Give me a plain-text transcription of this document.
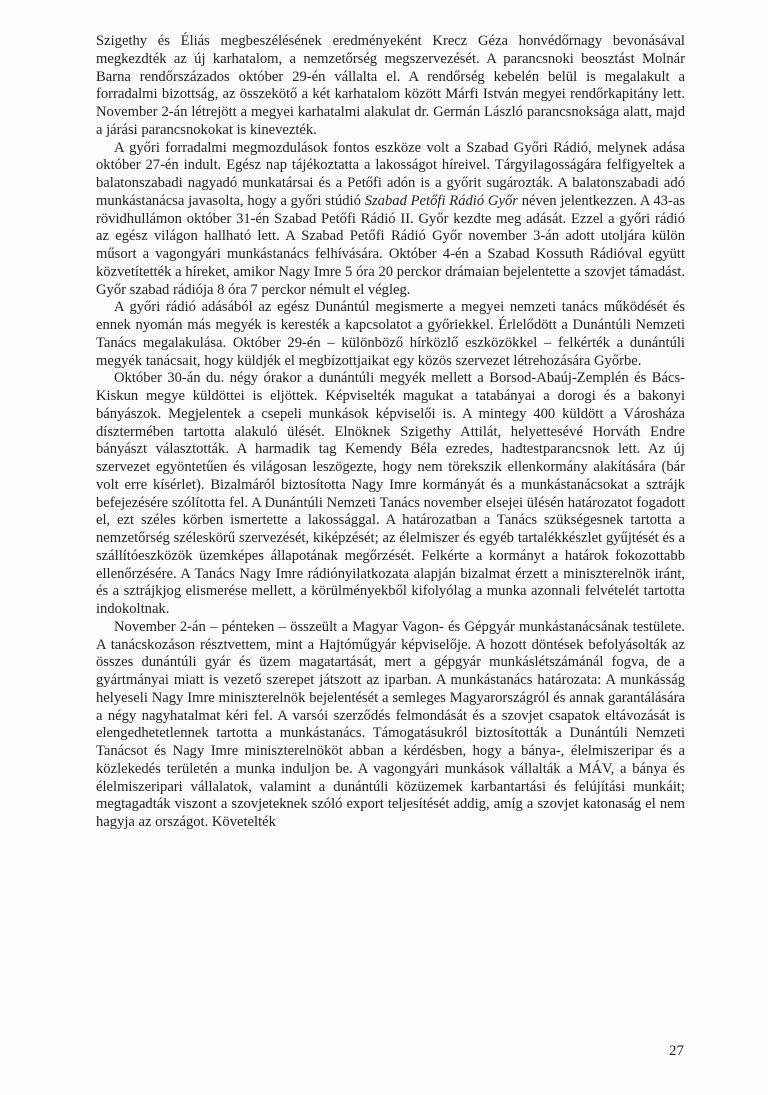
Szigethy és Éliás megbeszélésének eredményeként Krecz Géza honvédőrnagy bevonásával megkezdték az új karhatalom, a nemzetőrség megszervezését. A parancsnoki beosztást Molnár Barna rendőrszázados október 29-én vállalta el. A rendőrség kebelén belül is megalakult a forradalmi bizottság, az összekötő a két karhatalom között Márfi István megyei rendőrkapitány lett. November 2-án létrejött a megyei karhatalmi alakulat dr. Germán László parancsnoksága alatt, majd a járási parancsnokokat is kinevezték.

A győri forradalmi megmozdulások fontos eszköze volt a Szabad Győri Rádió, melynek adása október 27-én indult. Egész nap tájékoztatta a lakosságot híreivel. Tárgyilagosságára felfigyeltek a balatonszabadi nagyadó munkatársai és a Petőfi adón is a győrit sugározták. A balatonszabadi adó munkástanácsa javasolta, hogy a győri stúdió Szabad Petőfi Rádió Győr néven jelentkezzen. A 43-as rövidhullámon október 31-én Szabad Petőfi Rádió II. Győr kezdte meg adását. Ezzel a győri rádió az egész világon hallható lett. A Szabad Petőfi Rádió Győr november 3-án adott utoljára külön műsort a vagongyári munkástanács felhívására. Október 4-én a Szabad Kossuth Rádióval együtt közvetítették a híreket, amikor Nagy Imre 5 óra 20 perckor drámaian bejelentette a szovjet támadást. Győr szabad rádiója 8 óra 7 perckor némult el végleg.

A győri rádió adásából az egész Dunántúl megismerte a megyei nemzeti tanács működését és ennek nyomán más megyék is keresték a kapcsolatot a győriekkel. Érlelődött a Dunántúli Nemzeti Tanács megalakulása. Október 29-én – különböző hírközlő eszközökkel – felkérték a dunántúli megyék tanácsait, hogy küldjék el megbízottjaikat egy közös szervezet létrehozására Győrbe.

Október 30-án du. négy órakor a dunántúli megyék mellett a Borsod-Abaúj-Zemplén és Bács-Kiskun megye küldöttei is eljöttek. Képviselték magukat a tatabányai a dorogi és a bakonyi bányászok. Megjelentek a csepeli munkások képviselői is. A mintegy 400 küldött a Városháza dísztermében tartotta alakuló ülését. Elnöknek Szigethy Attilát, helyettesévé Horváth Endre bányászt választották. A harmadik tag Kemendy Béla ezredes, hadtestparancsnok lett. Az új szervezet egyöntetűen és világosan leszögezte, hogy nem törekszik ellenkormány alakítására (bár volt erre kísérlet). Bizalmáról biztosította Nagy Imre kormányát és a munkástanácsokat a sztrájk befejezésére szólította fel. A Dunántúli Nemzeti Tanács november elsejei ülésén határozatot fogadott el, ezt széles körben ismertette a lakossággal. A határozatban a Tanács szükségesnek tartotta a nemzetőrség széleskörű szervezését, kiképzését; az élelmiszer és egyéb tartalékkészlet gyűjtését és a szállítóeszközök üzemképes állapotának megőrzését. Felkérte a kormányt a határok fokozottabb ellenőrzésére. A Tanács Nagy Imre rádiónyilatkozata alapján bizalmat érzett a miniszterelnök iránt, és a sztrájkjog elismerése mellett, a körülményekből kifolyólag a munka azonnali felvételét tartotta indokoltnak.

November 2-án – pénteken – összeült a Magyar Vagon- és Gépgyár munkástanácsának testülete. A tanácskozáson résztvettem, mint a Hajtóműgyár képviselője. A hozott döntések befolyásolták az összes dunántúli gyár és üzem magatartását, mert a gépgyár munkáslétszámánál fogva, de a gyártmányai miatt is vezető szerepet játszott az iparban. A munkástanács határozata: A munkásság helyeseli Nagy Imre miniszterelnök bejelentését a semleges Magyarországról és annak garantálására a négy nagyhatalmat kéri fel. A varsói szerződés felmondását és a szovjet csapatok eltávozását is elengedhetetlennek tartotta a munkástanács. Támogatásukról biztosították a Dunántúli Nemzeti Tanácsot és Nagy Imre miniszterelnököt abban a kérdésben, hogy a bánya-, élelmiszeripar és a közlekedés területén a munka induljon be. A vagongyári munkások vállalták a MÁV, a bánya és élelmiszeripari vállalatok, valamint a dunántúli közüzemek karbantartási és felújítási munkáit; megtagadták viszont a szovjeteknek szóló export teljesítését addig, amíg a szovjet katonaság el nem hagyja az országot. Követelték

27
